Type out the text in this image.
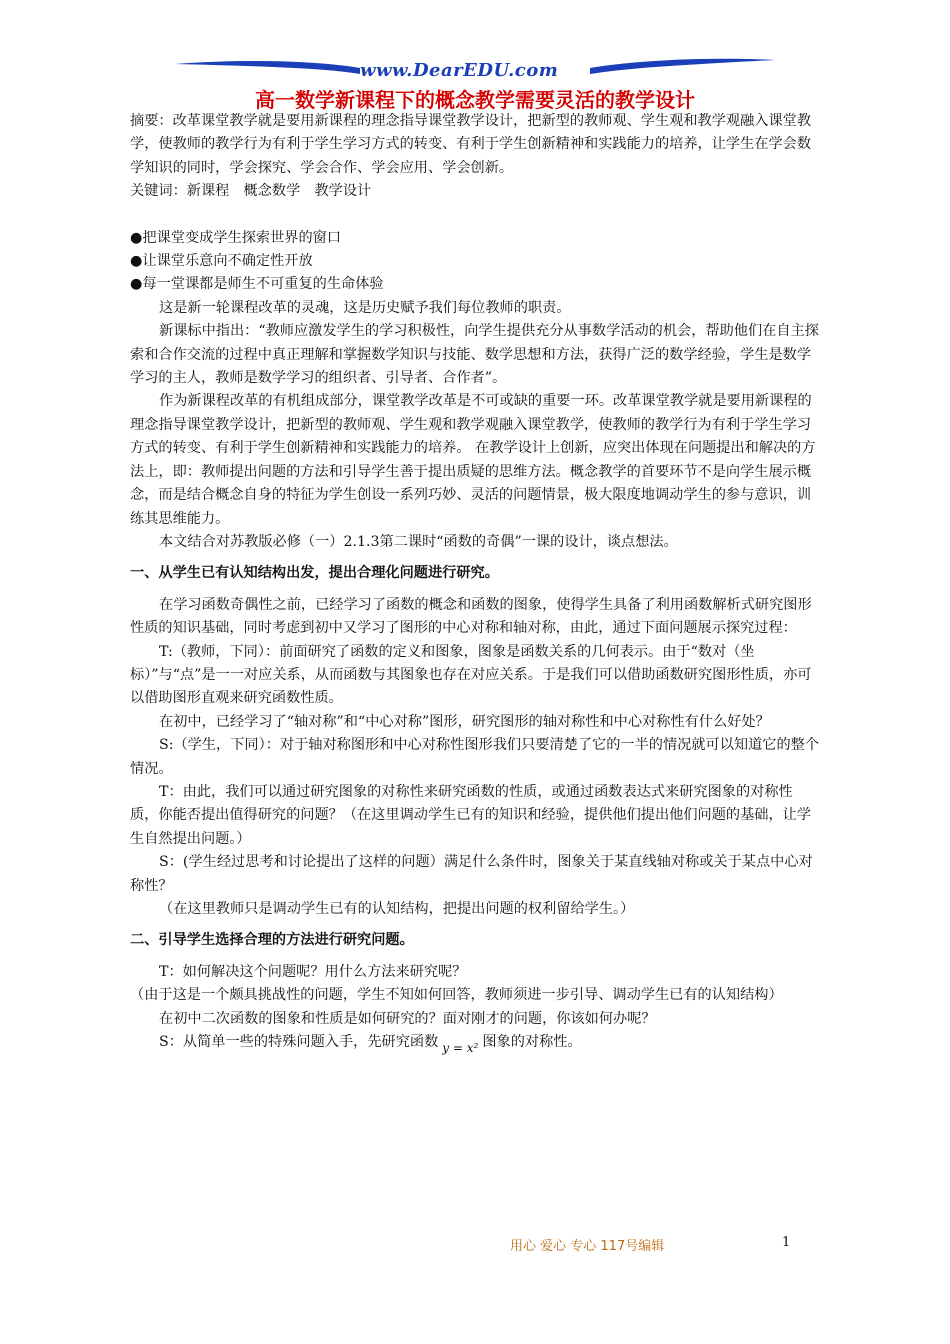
www.DearEDU.com
高一数学新课程下的概念教学需要灵活的教学设计

摘要：改革课堂教学就是要用新课程的理念指导课堂教学设计，把新型的教师观、学生观和教学观融入课堂教学，使教师的教学行为有利于学生学习方式的转变、有利于学生创新精神和实践能力的培养，让学生在学会数学知识的同时，学会探究、学会合作、学会应用、学会创新。

关键词：新课程　概念数学　教学设计

●把课堂变成学生探索世界的窗口

●让课堂乐意向不确定性开放

●每一堂课都是师生不可重复的生命体验

这是新一轮课程改革的灵魂，这是历史赋予我们每位教师的职责。

新课标中指出：“教师应激发学生的学习积极性，向学生提供充分从事数学活动的机会，帮助他们在自主探索和合作交流的过程中真正理解和掌握数学知识与技能、数学思想和方法，获得广泛的数学经验，学生是数学学习的主人，教师是数学学习的组织者、引导者、合作者”。

作为新课程改革的有机组成部分，课堂教学改革是不可或缺的重要一环。改革课堂教学就是要用新课程的理念指导课堂教学设计，把新型的教师观、学生观和教学观融入课堂教学，使教师的教学行为有利于学生学习方式的转变、有利于学生创新精神和实践能力的培养。 在教学设计上创新，应突出体现在问题提出和解决的方法上，即：教师提出问题的方法和引导学生善于提出质疑的思维方法。概念教学的首要环节不是向学生展示概念，而是结合概念自身的特征为学生创设一系列巧妙、灵活的问题情景，极大限度地调动学生的参与意识，训练其思维能力。

本文结合对苏教版必修（一）2.1.3第二课时“函数的奇偶”一课的设计，谈点想法。

一、从学生已有认知结构出发，提出合理化问题进行研究。

在学习函数奇偶性之前，已经学习了函数的概念和函数的图象，使得学生具备了利用函数解析式研究图形性质的知识基础，同时考虑到初中又学习了图形的中心对称和轴对称，由此，通过下面问题展示探究过程：

T:（教师，下同）：前面研究了函数的定义和图象，图象是函数关系的几何表示。由于“数对（坐标）”与“点”是一一对应关系，从而函数与其图象也存在对应关系。于是我们可以借助函数研究图形性质，亦可以借助图形直观来研究函数性质。

在初中，已经学习了“轴对称”和“中心对称”图形，研究图形的轴对称性和中心对称性有什么好处？

S:（学生，下同）：对于轴对称图形和中心对称性图形我们只要清楚了它的一半的情况就可以知道它的整个情况。

T：由此，我们可以通过研究图象的对称性来研究函数的性质，或通过函数表达式来研究图象的对称性质，你能否提出值得研究的问题？（在这里调动学生已有的知识和经验，提供他们提出他们问题的基础，让学生自然提出问题。）

S：(学生经过思考和讨论提出了这样的问题）满足什么条件时，图象关于某直线轴对称或关于某点中心对称性？

（在这里教师只是调动学生已有的认知结构，把提出问题的权利留给学生。）

二、引导学生选择合理的方法进行研究问题。

T：如何解决这个问题呢？用什么方法来研究呢？

（由于这是一个颇具挑战性的问题，学生不知如何回答，教师须进一步引导、调动学生已有的认知结构）

在初中二次函数的图象和性质是如何研究的？面对刚才的问题，你该如何办呢？

S：从简单一些的特殊问题入手，先研究函数 $_{y = x^2}$ 图象的对称性。

用心 爱心 专心 117号编辑	1
